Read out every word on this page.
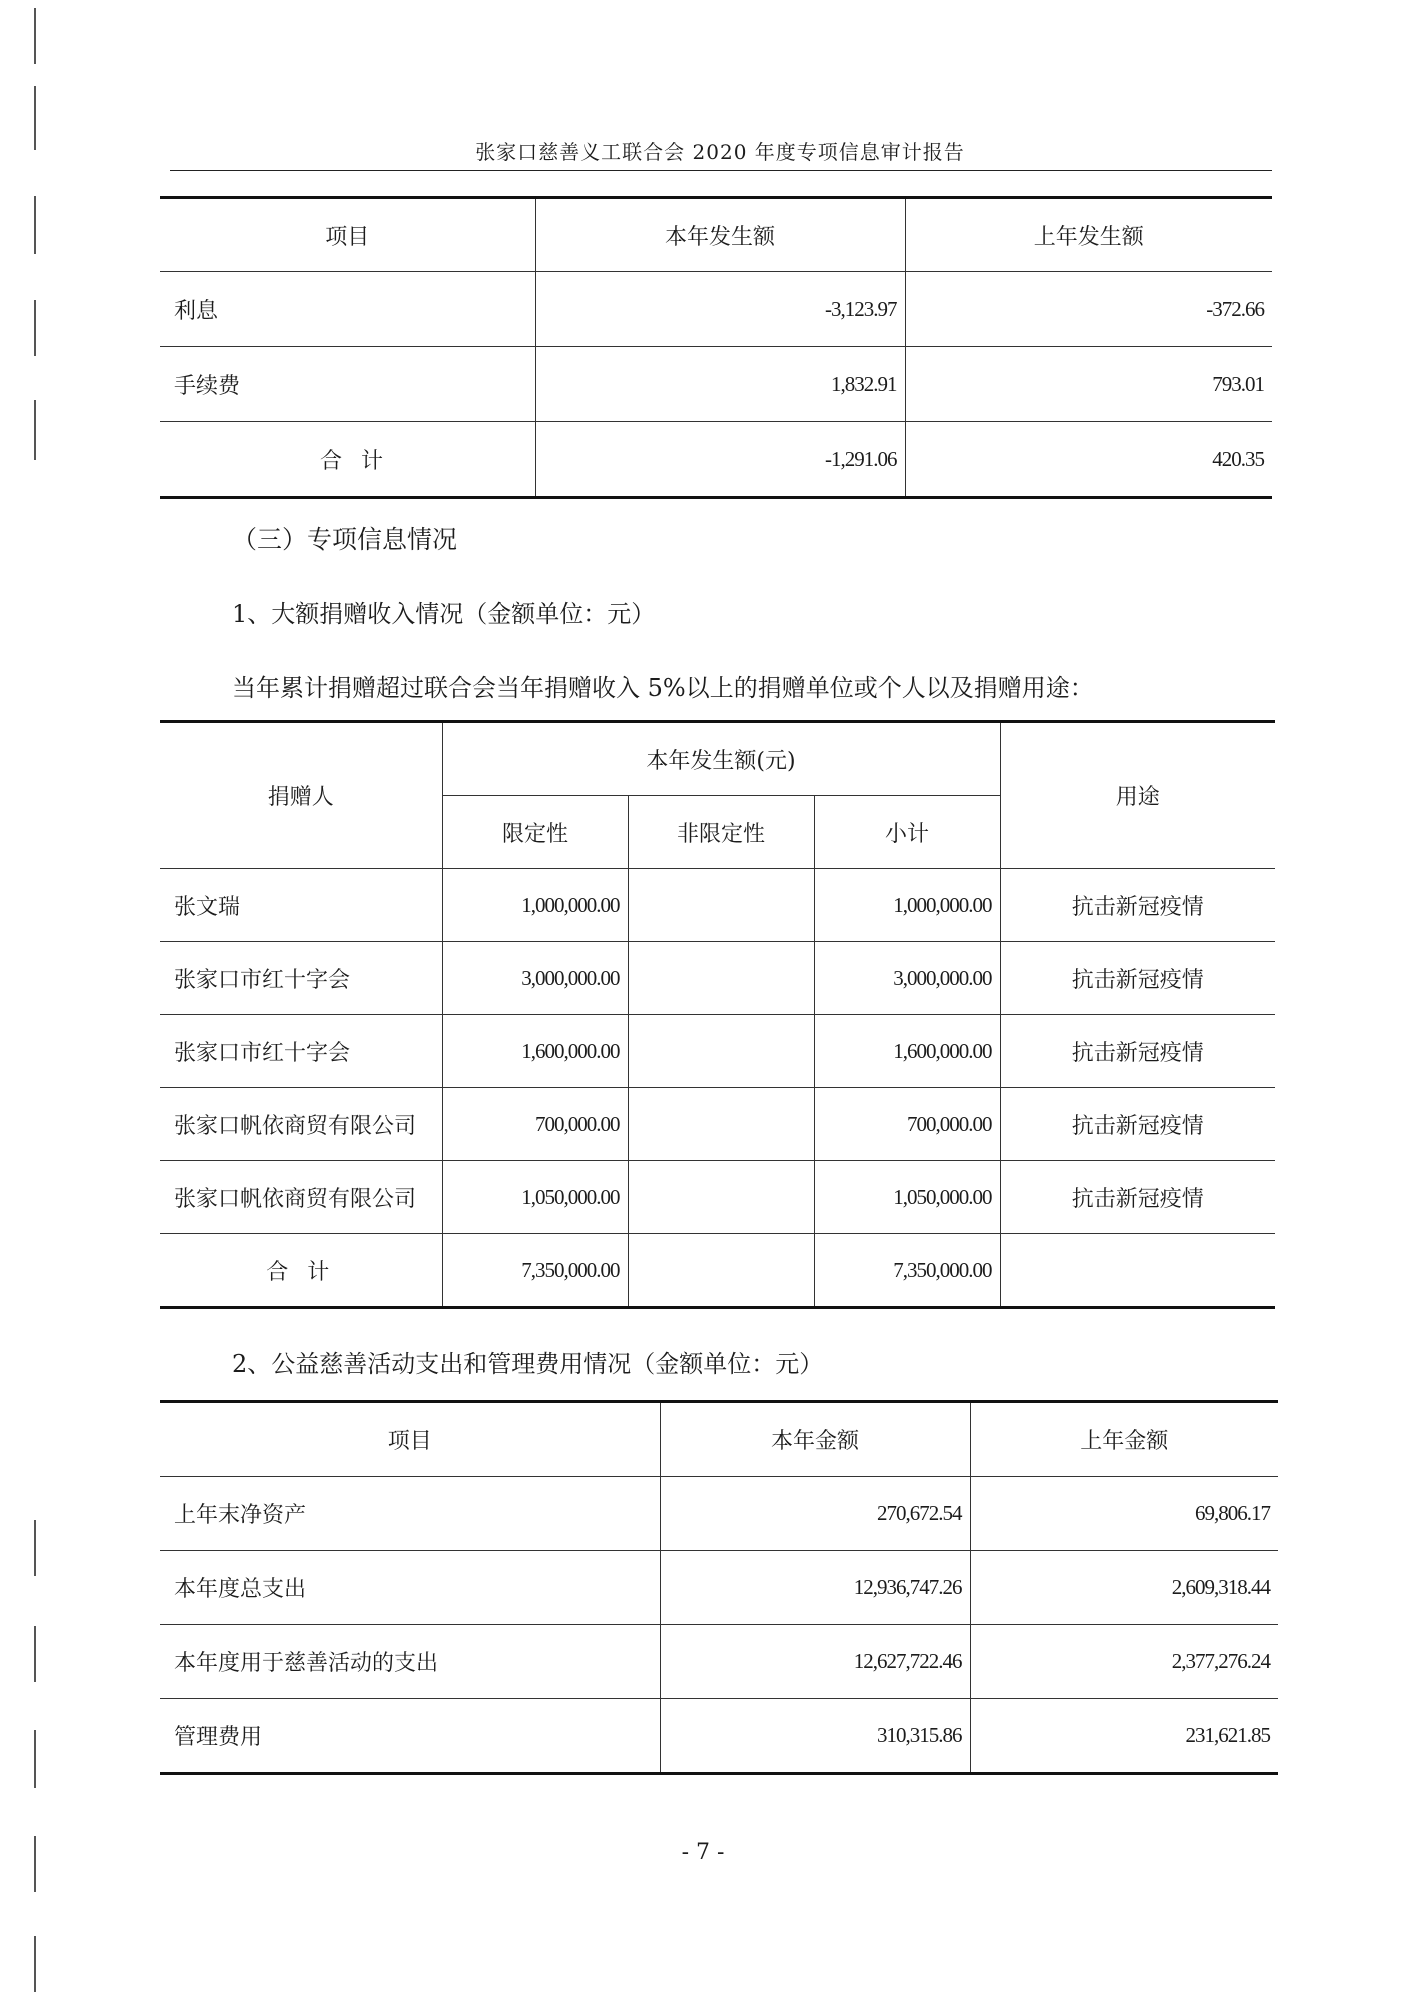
张家口慈善义工联合会 2020 年度专项信息审计报告
项目	本年发生额	上年发生额
利息	-3,123.97	-372.66
手续费	1,832.91	793.01
合 计	-1,291.06	420.35
（三）专项信息情况
1、大额捐赠收入情况（金额单位：元）
当年累计捐赠超过联合会当年捐赠收入 5%以上的捐赠单位或个人以及捐赠用途：
捐赠人	本年发生额(元)			用途
	限定性	非限定性	小计	
张文瑞	1,000,000.00		1,000,000.00	抗击新冠疫情
张家口市红十字会	3,000,000.00		3,000,000.00	抗击新冠疫情
张家口市红十字会	1,600,000.00		1,600,000.00	抗击新冠疫情
张家口帆依商贸有限公司	700,000.00		700,000.00	抗击新冠疫情
张家口帆依商贸有限公司	1,050,000.00		1,050,000.00	抗击新冠疫情
合 计	7,350,000.00		7,350,000.00	
2、公益慈善活动支出和管理费用情况（金额单位：元）
项目	本年金额	上年金额
上年末净资产	270,672.54	69,806.17
本年度总支出	12,936,747.26	2,609,318.44
本年度用于慈善活动的支出	12,627,722.46	2,377,276.24
管理费用	310,315.86	231,621.85
- 7 -
